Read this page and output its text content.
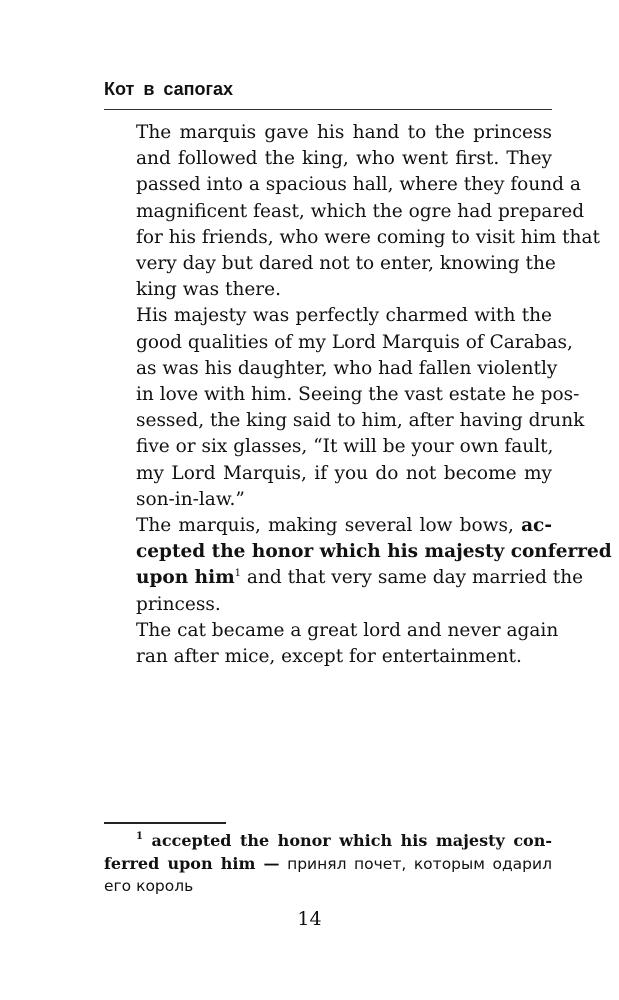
Кот в сапогах

The marquis gave his hand to the princess
and followed the king, who went first. They
passed into a spacious hall, where they found a
magnificent feast, which the ogre had prepared
for his friends, who were coming to visit him that
very day but dared not to enter, knowing the
king was there.

His majesty was perfectly charmed with the
good qualities of my Lord Marquis of Carabas,
as was his daughter, who had fallen violently
in love with him. Seeing the vast estate he pos-
sessed, the king said to him, after having drunk
five or six glasses, “It will be your own fault,
my Lord Marquis, if you do not become my
son-in-law.”

The marquis, making several low bows, ac-
cepted the honor which his majesty conferred
upon him$^1$ and that very same day married the
princess.

The cat became a great lord and never again
ran after mice, except for entertainment.

$^1$ accepted the honor which his majesty con-
ferred upon him — принял почет, которым одарил
его король
14
